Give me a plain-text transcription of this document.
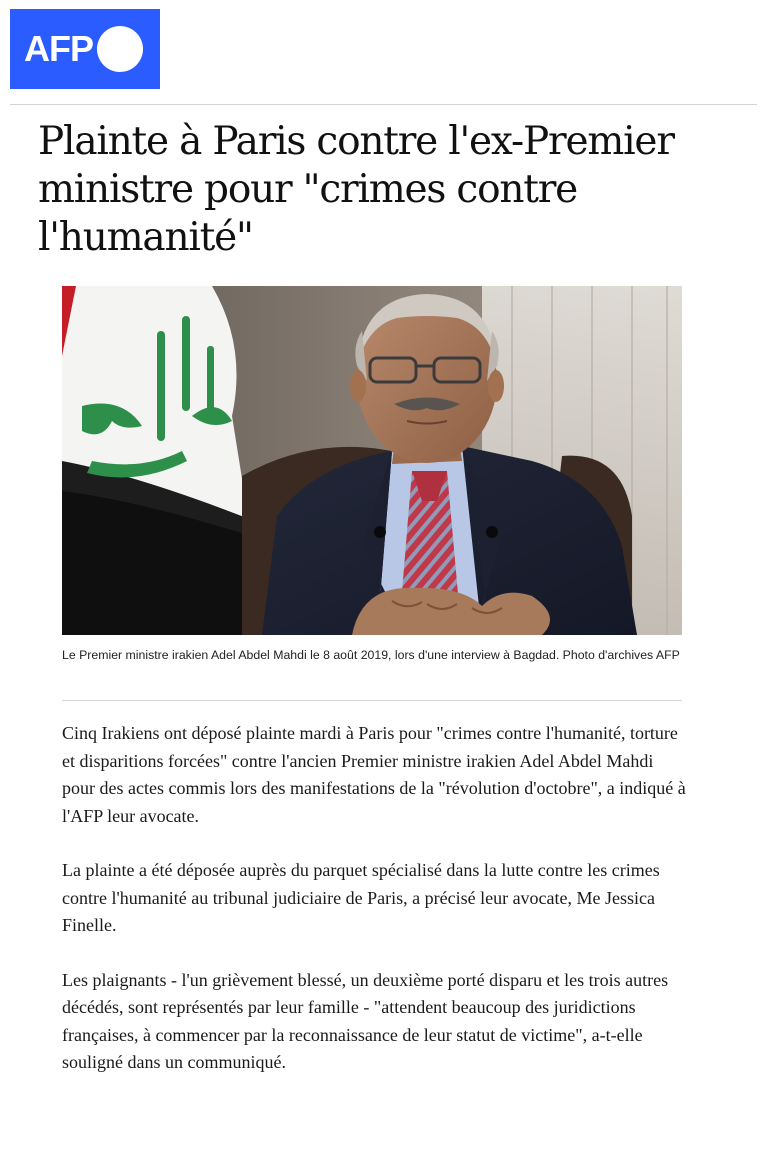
AFP
Plainte à Paris contre l'ex-Premier ministre pour "crimes contre l'humanité"
Le Premier ministre irakien Adel Abdel Mahdi le 8 août 2019, lors d'une interview à Bagdad. Photo d'archives AFP

Cinq Irakiens ont déposé plainte mardi à Paris pour "crimes contre l'humanité, torture et disparitions forcées" contre l'ancien Premier ministre irakien Adel Abdel Mahdi pour des actes commis lors des manifestations de la "révolution d'octobre", a indiqué à l'AFP leur avocate.

La plainte a été déposée auprès du parquet spécialisé dans la lutte contre les crimes contre l'humanité au tribunal judiciaire de Paris, a précisé leur avocate, Me Jessica Finelle.

Les plaignants - l'un grièvement blessé, un deuxième porté disparu et les trois autres décédés, sont représentés par leur famille - "attendent beaucoup des juridictions françaises, à commencer par la reconnaissance de leur statut de victime", a-t-elle souligné dans un communiqué.
